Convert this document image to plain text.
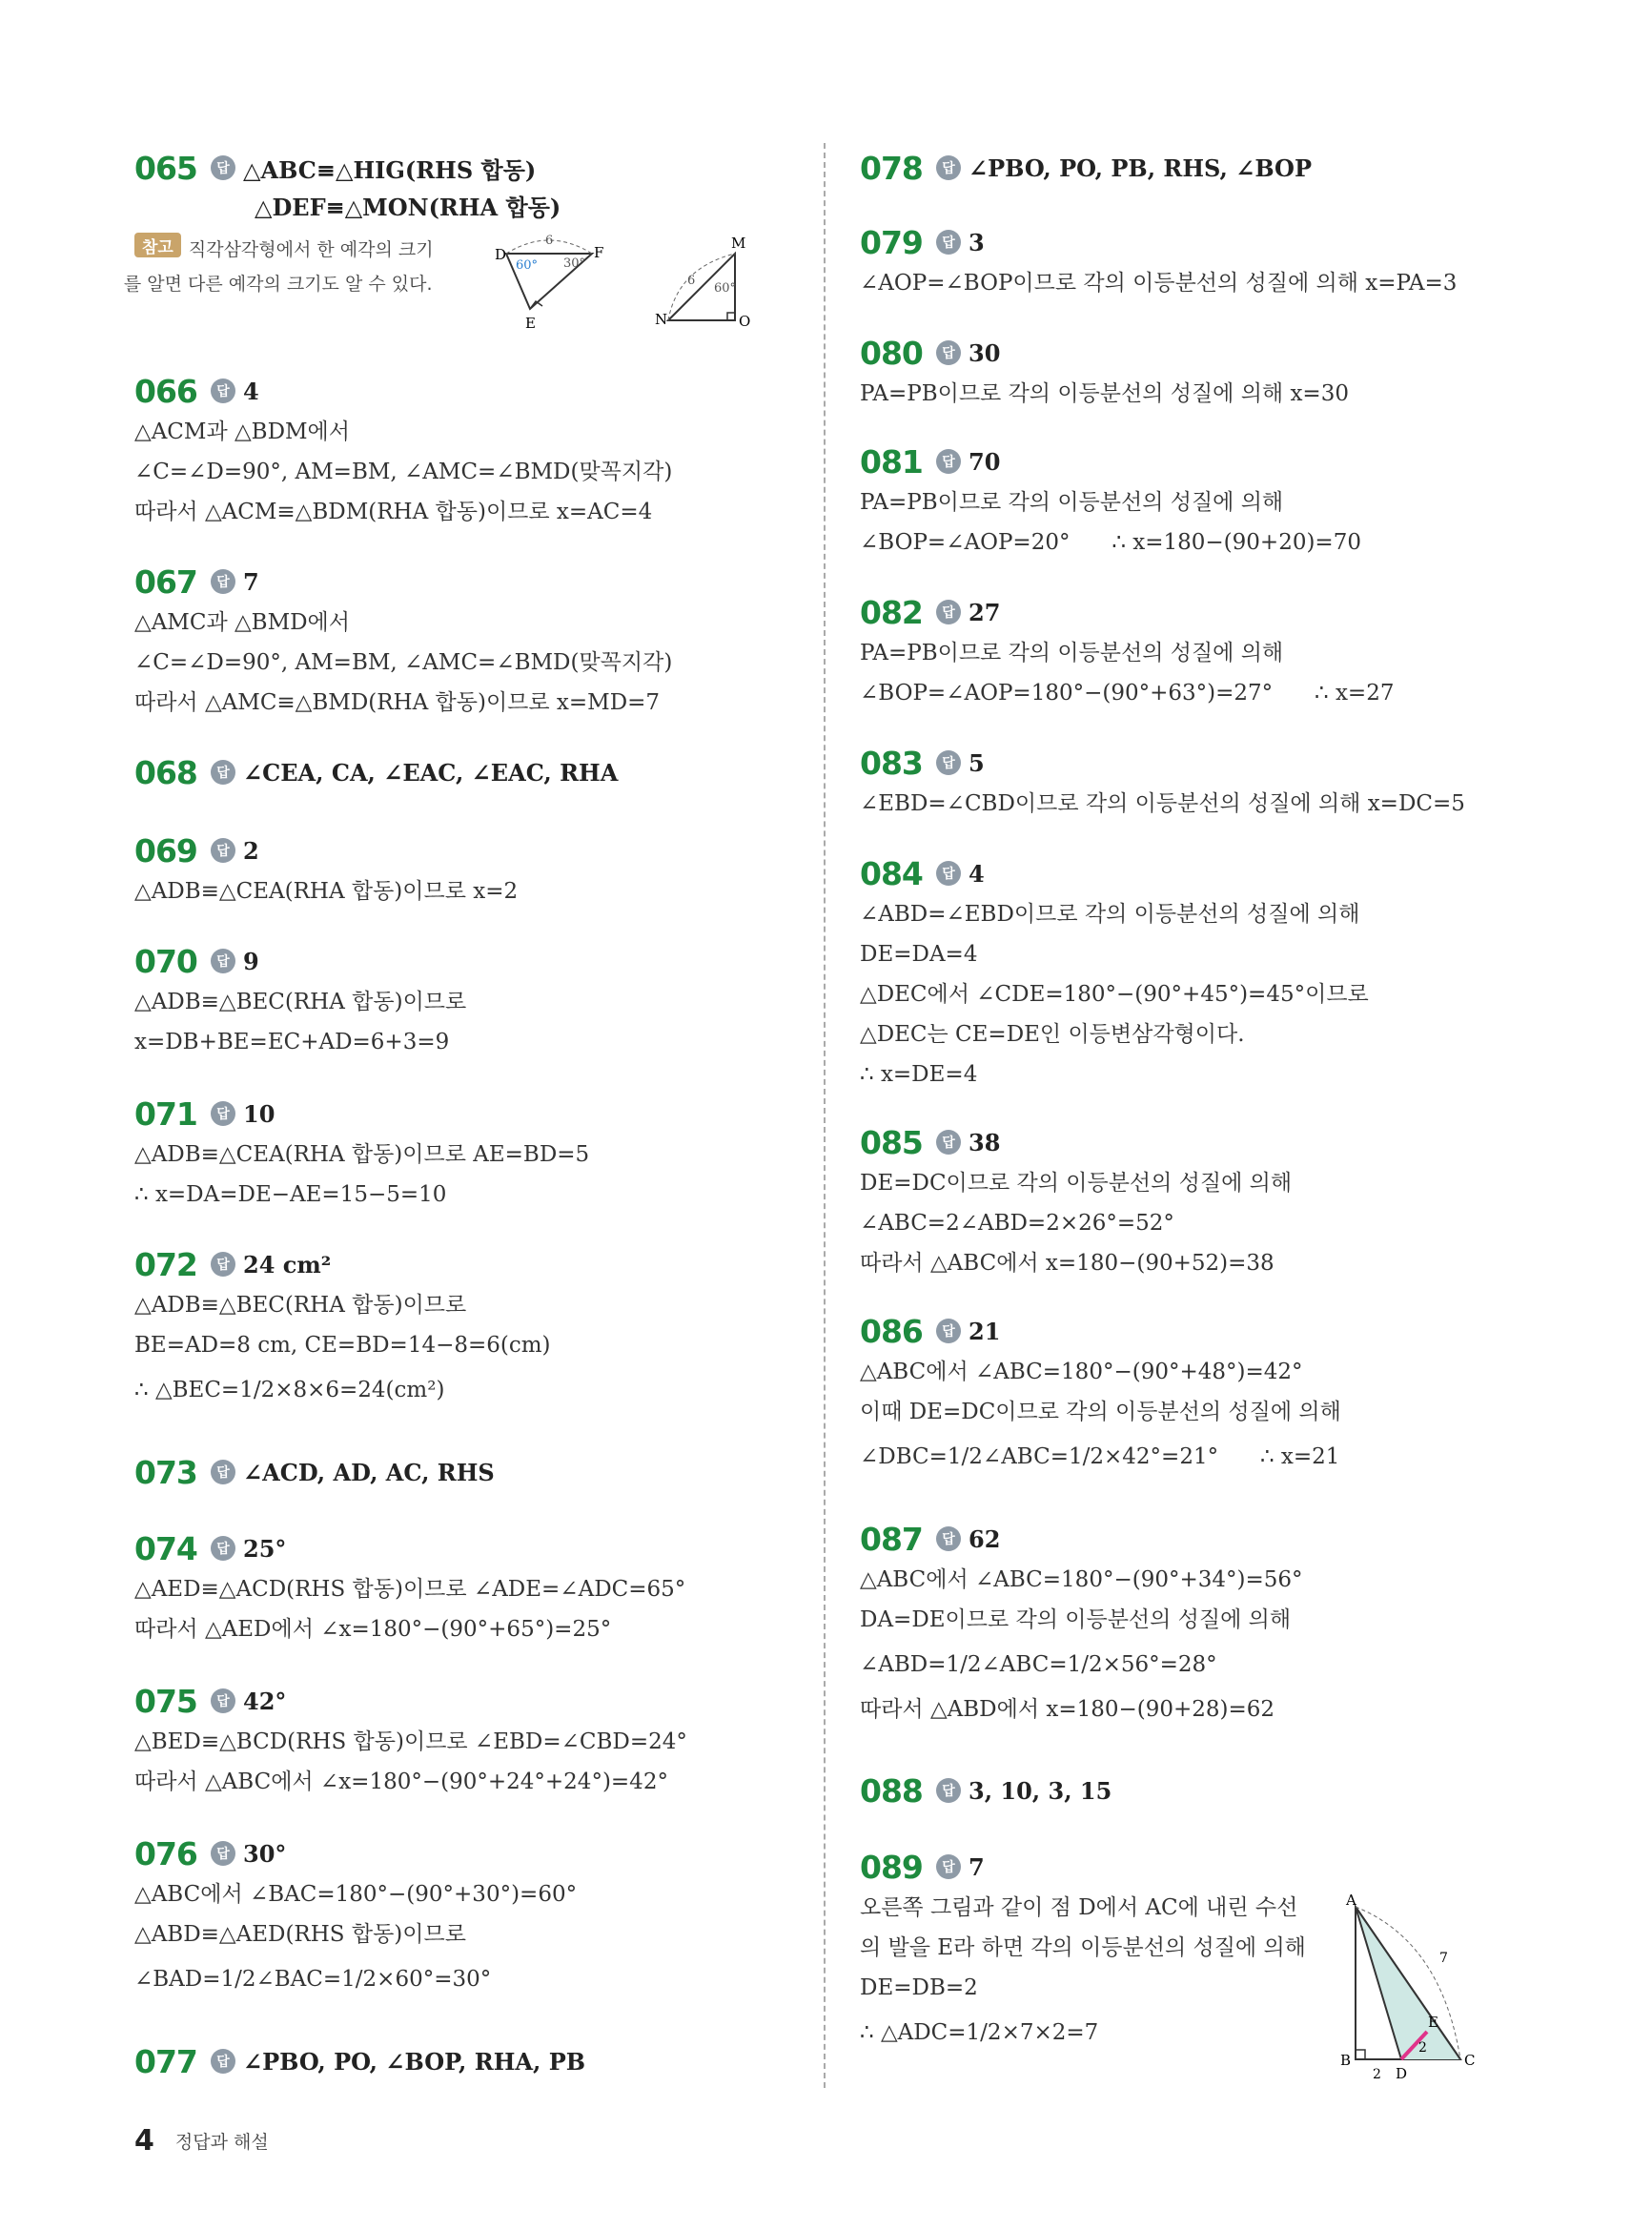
065	답 △ABC≡△HIG(RHS 합동)
△DEF≡△MON(RHA 합동)
참고 직각삼각형에서 한 예각의 크기
를 알면 다른 예각의 크기도 알 수 있다.
D	F
E
6
60° 30°
M
N	O
6
60°
066	답 4
△ACM과 △BDM에서
∠C=∠D=90°, AM=BM, ∠AMC=∠BMD(맞꼭지각)
따라서 △ACM≡△BDM(RHA 합동)이므로 x=AC=4
067	답 7
△AMC과 △BMD에서
∠C=∠D=90°, AM=BM, ∠AMC=∠BMD(맞꼭지각)
따라서 △AMC≡△BMD(RHA 합동)이므로 x=MD=7
068	답 ∠CEA, CA, ∠EAC, ∠EAC, RHA
069	답 2
△ADB≡△CEA(RHA 합동)이므로 x=2
070	답 9
△ADB≡△BEC(RHA 합동)이므로
x=DB+BE=EC+AD=6+3=9
071	답 10
△ADB≡△CEA(RHA 합동)이므로 AE=BD=5
∴ x=DA=DE−AE=15−5=10
072	답 24 cm²
△ADB≡△BEC(RHA 합동)이므로
BE=AD=8 cm, CE=BD=14−8=6(cm)
∴ △BEC=1/2×8×6=24(cm²)
073	답 ∠ACD, AD, AC, RHS
074	답 25°
△AED≡△ACD(RHS 합동)이므로 ∠ADE=∠ADC=65°
따라서 △AED에서 ∠x=180°−(90°+65°)=25°
075	답 42°
△BED≡△BCD(RHS 합동)이므로 ∠EBD=∠CBD=24°
따라서 △ABC에서 ∠x=180°−(90°+24°+24°)=42°
076	답 30°
△ABC에서 ∠BAC=180°−(90°+30°)=60°
△ABD≡△AED(RHS 합동)이므로
∠BAD=1/2∠BAC=1/2×60°=30°
077	답 ∠PBO, PO, ∠BOP, RHA, PB
078	답 ∠PBO, PO, PB, RHS, ∠BOP
079	답 3
∠AOP=∠BOP이므로 각의 이등분선의 성질에 의해 x=PA=3
080	답 30
PA=PB이므로 각의 이등분선의 성질에 의해 x=30
081	답 70
PA=PB이므로 각의 이등분선의 성질에 의해
∠BOP=∠AOP=20°      ∴ x=180−(90+20)=70
082	답 27
PA=PB이므로 각의 이등분선의 성질에 의해
∠BOP=∠AOP=180°−(90°+63°)=27°      ∴ x=27
083	답 5
∠EBD=∠CBD이므로 각의 이등분선의 성질에 의해 x=DC=5
084	답 4
∠ABD=∠EBD이므로 각의 이등분선의 성질에 의해
DE=DA=4
△DEC에서 ∠CDE=180°−(90°+45°)=45°이므로
△DEC는 CE=DE인 이등변삼각형이다.
∴ x=DE=4
085	답 38
DE=DC이므로 각의 이등분선의 성질에 의해
∠ABC=2∠ABD=2×26°=52°
따라서 △ABC에서 x=180−(90+52)=38
086	답 21
△ABC에서 ∠ABC=180°−(90°+48°)=42°
이때 DE=DC이므로 각의 이등분선의 성질에 의해
∠DBC=1/2∠ABC=1/2×42°=21°      ∴ x=21
087	답 62
△ABC에서 ∠ABC=180°−(90°+34°)=56°
DA=DE이므로 각의 이등분선의 성질에 의해
∠ABD=1/2∠ABC=1/2×56°=28°
따라서 △ABD에서 x=180−(90+28)=62
088	답 3, 10, 3, 15
089	답 7
오른쪽 그림과 같이 점 D에서 AC에 내린 수선
의 발을 E라 하면 각의 이등분선의 성질에 의해
DE=DB=2
∴ △ADC=1/2×7×2=7
A
B	C
D
E
7
2
2
4 정답과 해설
